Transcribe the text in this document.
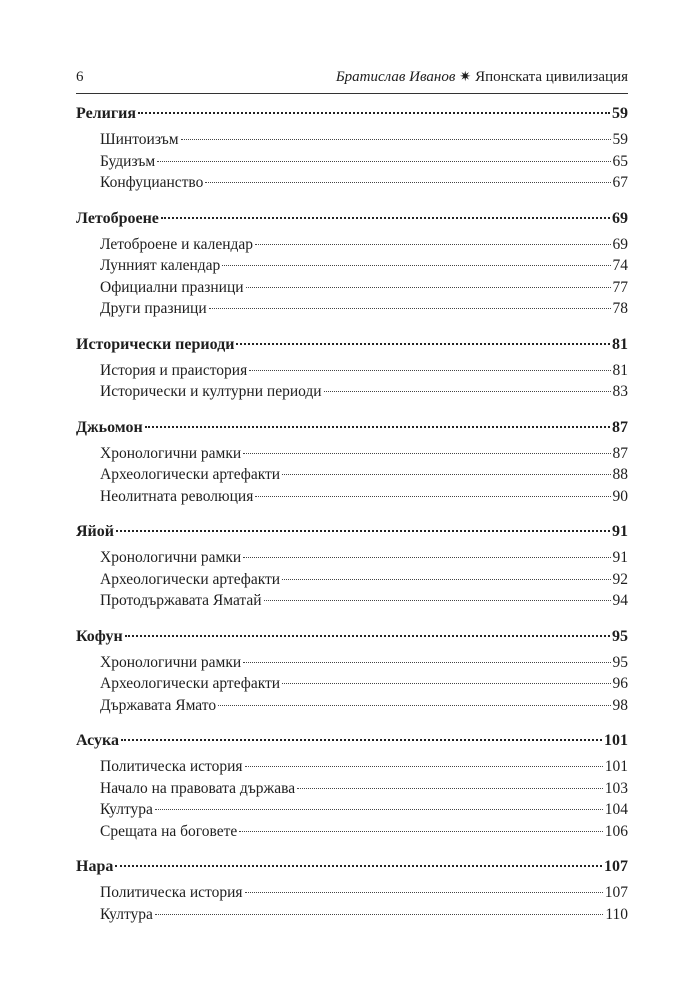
6	Братислав Иванов ✷ Японската цивилизация
Религия	59
Шинтоизъм	59
Будизъм	65
Конфуцианство	67
Летоброене	69
Летоброене и календар	69
Лунният календар	74
Официални празници	77
Други празници	78
Исторически периоди	81
История и праистория	81
Исторически и културни периоди	83
Джьомон	87
Хронологични рамки	87
Археологически артефакти	88
Неолитната революция	90
Яйой	91
Хронологични рамки	91
Археологически артефакти	92
Протодържавата Яматай	94
Кофун	95
Хронологични рамки	95
Археологически артефакти	96
Държавата Ямато	98
Асука	101
Политическа история	101
Начало на правовата държава	103
Култура	104
Срещата на боговете	106
Нара	107
Политическа история	107
Култура	110
